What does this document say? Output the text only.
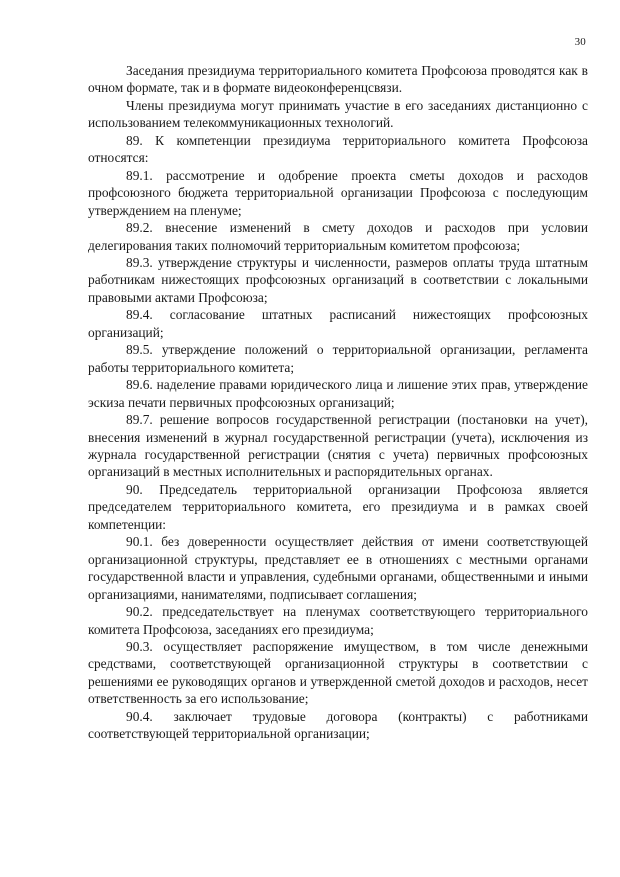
30

Заседания президиума территориального комитета Профсоюза проводятся как в очном формате, так и в формате видеоконференцсвязи.

Члены президиума могут принимать участие в его заседаниях дистанционно с использованием телекоммуникационных технологий.

89. К компетенции президиума территориального комитета Профсоюза относятся:

89.1. рассмотрение и одобрение проекта сметы доходов и расходов профсоюзного бюджета территориальной организации Профсоюза с последующим утверждением на пленуме;

89.2. внесение изменений в смету доходов и расходов при условии делегирования таких полномочий территориальным комитетом профсоюза;

89.3. утверждение структуры и численности, размеров оплаты труда штатным работникам нижестоящих профсоюзных организаций в соответствии с локальными правовыми актами Профсоюза;

89.4. согласование штатных расписаний нижестоящих профсоюзных организаций;

89.5. утверждение положений о территориальной организации, регламента работы территориального комитета;

89.6. наделение правами юридического лица и лишение этих прав, утверждение эскиза печати первичных профсоюзных организаций;

89.7. решение вопросов государственной регистрации (постановки на учет), внесения изменений в журнал государственной регистрации (учета), исключения из журнала государственной регистрации (снятия с учета) первичных профсоюзных организаций в местных исполнительных и распорядительных органах.

90. Председатель территориальной организации Профсоюза является председателем территориального комитета, его президиума и в рамках своей компетенции:

90.1. без доверенности осуществляет действия от имени соответствующей организационной структуры, представляет ее в отношениях с местными органами государственной власти и управления, судебными органами, общественными и иными организациями, нанимателями, подписывает соглашения;

90.2. председательствует на пленумах соответствующего территориального комитета Профсоюза, заседаниях его президиума;

90.3. осуществляет распоряжение имуществом, в том числе денежными средствами, соответствующей организационной структуры в соответствии с решениями ее руководящих органов и утвержденной сметой доходов и расходов, несет ответственность за его использование;

90.4. заключает трудовые договора (контракты) с работниками соответствующей территориальной организации;
